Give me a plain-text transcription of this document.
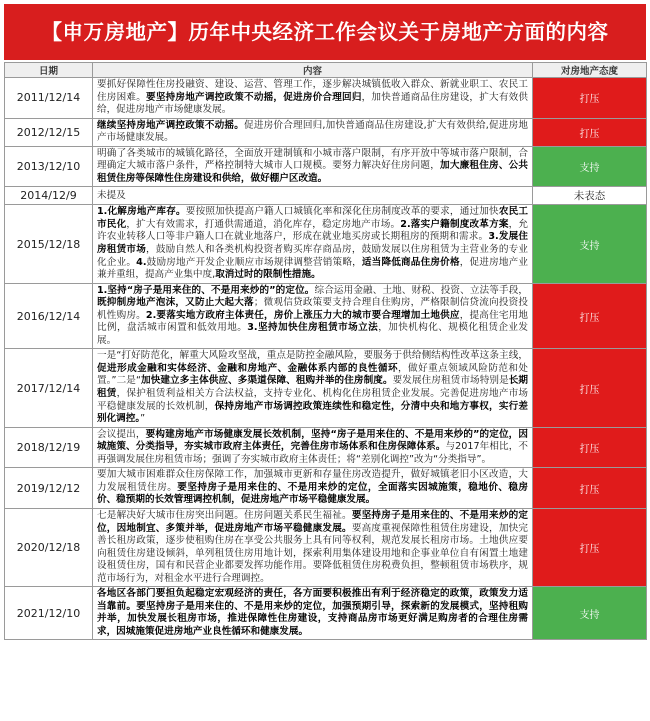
【申万房地产】历年中央经济工作会议关于房地产方面的内容
日期	内容	对房地产态度
2011/12/14	要抓好保障性住房投融资、建设、运营、管理工作，逐步解决城镇低收入群众、新就业职工、农民工住房困难。要坚持房地产调控政策不动摇，促进房价合理回归，加快普通商品住房建设，扩大有效供给，促进房地产市场健康发展。	打压
2012/12/15	继续坚持房地产调控政策不动摇。促进房价合理回归,加快普通商品住房建设,扩大有效供给,促进房地产市场健康发展。	打压
2013/12/10	明确了各类城市的城镇化路径，全面放开建制镇和小城市落户限制，有序开放中等城市落户限制，合理确定大城市落户条件，严格控制特大城市人口规模。要努力解决好住房问题，加大廉租住房、公共租赁住房等保障性住房建设和供给，做好棚户区改造。	支持
2014/12/9	未提及	未表态
2015/12/18	1.化解房地产库存。要按照加快提高户籍人口城镇化率和深化住房制度改革的要求，通过加快农民工市民化，扩大有效需求，打通供需通道，消化库存，稳定房地产市场。2.落实户籍制度改革方案，允许农业转移人口等非户籍人口在就业地落户，形成在就业地买房或长期租房的预期和需求。3.发展住房租赁市场，鼓励自然人和各类机构投资者购买库存商品房，鼓励发展以住房租赁为主营业务的专业化企业。4.鼓励房地产开发企业顺应市场规律调整营销策略，适当降低商品住房价格，促进房地产业兼并重组，提高产业集中度,取消过时的限制性措施。	支持
2016/12/14	1.坚持“房子是用来住的、不是用来炒的”的定位。综合运用金融、土地、财税、投资、立法等手段，既抑制房地产泡沫，又防止大起大落；微观信贷政策要支持合理自住购房，严格限制信贷流向投资投机性购房。2.要落实地方政府主体责任，房价上涨压力大的城市要合理增加土地供应，提高住宅用地比例，盘活城市闲置和低效用地。3.坚持加快住房租赁市场立法，加快机构化、规模化租赁企业发展。	打压
2017/12/14	一是“打好防范化，解重大风险攻坚战，重点是防控金融风险，要服务于供给侧结构性改革这条主线，促进形成金融和实体经济、金融和房地产、金融体系内部的良性循环，做好重点领域风险防范和处置。”二是“加快建立多主体供应、多渠道保障、租购并举的住房制度。要发展住房租赁市场特别是长期租赁，保护租赁利益相关方合法权益，支持专业化、机构化住房租赁企业发展。完善促进房地产市场平稳健康发展的长效机制，保持房地产市场调控政策连续性和稳定性，分清中央和地方事权，实行差别化调控。”	打压
2018/12/19	会议提出，要构建房地产市场健康发展长效机制，坚持“房子是用来住的、不是用来炒的”的定位，因城施策、分类指导，夯实城市政府主体责任，完善住房市场体系和住房保障体系。与2017年相比，不再强调发展住房租赁市场；强调了夯实城市政府主体责任；将“差别化调控”改为“分类指导”。	打压
2019/12/12	要加大城市困难群众住房保障工作，加强城市更新和存量住房改造提升，做好城镇老旧小区改造，大力发展租赁住房。要坚持房子是用来住的、不是用来炒的定位，全面落实因城施策，稳地价、稳房价、稳预期的长效管理调控机制，促进房地产市场平稳健康发展。	打压
2020/12/18	七是解决好大城市住房突出问题。住房问题关系民生福祉。要坚持房子是用来住的、不是用来炒的定位，因地制宜、多策并举，促进房地产市场平稳健康发展。要高度重视保障性租赁住房建设，加快完善长租房政策，逐步使租购住房在享受公共服务上具有同等权利，规范发展长租房市场。土地供应要向租赁住房建设倾斜，单列租赁住房用地计划，探索利用集体建设用地和企事业单位自有闲置土地建设租赁住房，国有和民营企业都要发挥功能作用。要降低租赁住房税费负担，整顿租赁市场秩序，规范市场行为，对租金水平进行合理调控。	打压
2021/12/10	各地区各部门要担负起稳定宏观经济的责任，各方面要积极推出有利于经济稳定的政策，政策发力适当靠前。要坚持房子是用来住的、不是用来炒的定位，加强预期引导，探索新的发展模式，坚持租购并举，加快发展长租房市场，推进保障性住房建设，支持商品房市场更好满足购房者的合理住房需求，因城施策促进房地产业良性循环和健康发展。	支持
